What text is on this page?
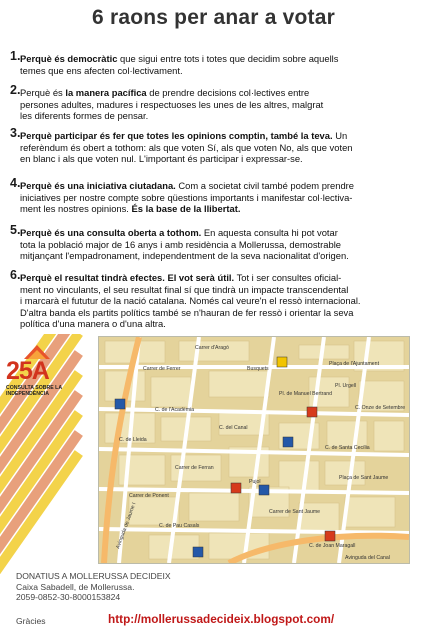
6 raons per anar a votar
1. Perquè és democràtic que sigui entre tots i totes que decidim sobre aquells
temes que ens afecten col·lectivament.
2. Perquè és la manera pacífica de prendre decisions col·lectives entre
persones adultes, madures i respectuoses les unes de les altres, malgrat
les diferents formes de pensar.
3. Perquè participar és fer que totes les opinions comptin, també la teva. Un
referèndum és obert a tothom: als que voten Sí, als que voten No, als que voten
en blanc i als que voten nul. L'important és participar i expressar-se.
4. Perquè és una iniciativa ciutadana. Com a societat civil també podem prendre
iniciatives per nostre compte sobre qüestions importants i manifestar col·lectiva-
ment les nostres opinions. És la base de la llibertat.
5. Perquè és una consulta oberta a tothom. En aquesta consulta hi pot votar
tota la població major de 16 anys i amb residència a Mollerussa, demostrable
mitjançant l'empadronament, independentment de la seva nacionalitat d'origen.
6. Perquè el resultat tindrà efectes. El vot serà útil. Tot i ser consultes oficial-
ment no vinculants, el seu resultat final sí que tindrà un impacte transcendental
i marcarà el fututur de la nació catalana. Només cal veure'n el ressò internacional.
D'altra banda els partits polítics també se n'hauran de fer ressò i orientar la seva
política d'una manera o d'una altra.
25A
CONSULTA SOBRE LA INDEPENDÈNCIA
Carrer d'Aragó
Carrer de Ferrer	Busquets
Plaça de l'Ajuntament
Pl. Urgell
Pl. de Manuel Bertrand
C. de l'Acadèmia	C. Onze de Setembre
C. del Canal
C. de Lleida
C. de Santa Cecília
Carrer de Ferran
Pujol
Plaça de Sant Jaume
Carrer de Ponent
Carrer de Sant Jaume
C. de Pau Casals
C. de Joan Maragall
Avinguda de Jaume I
Avinguda del Canal
DONATIUS A MOLLERUSSA DECIDEIX
Caixa Sabadell, de Mollerussa.
2059-0852-30-8000153824
Gràcies	http://mollerussadecideix.blogspot.com/
